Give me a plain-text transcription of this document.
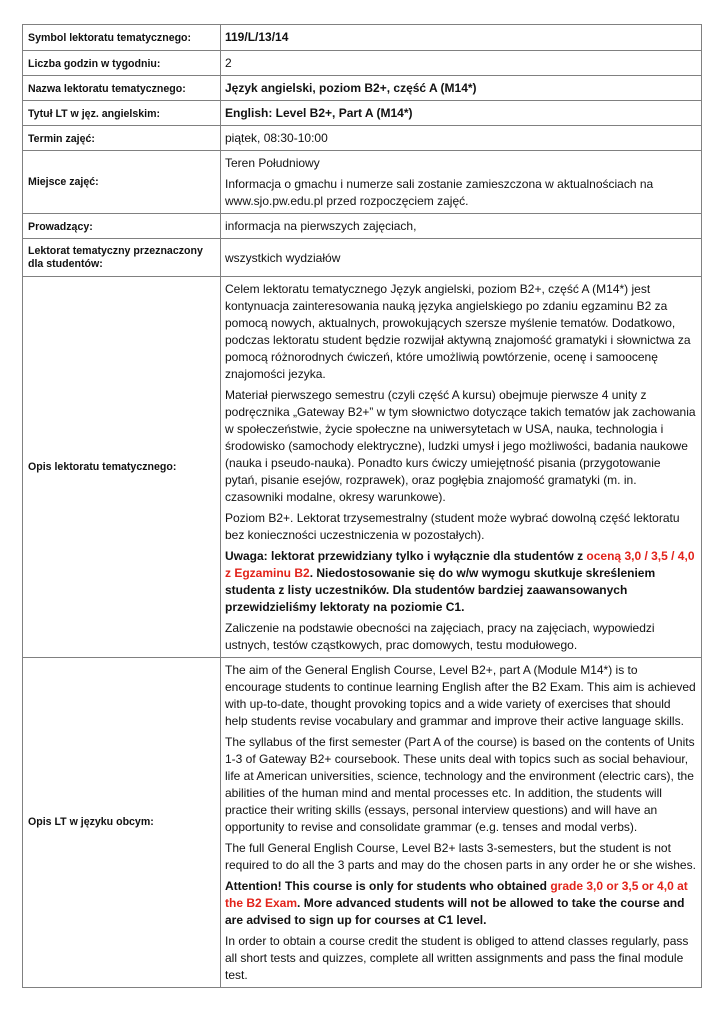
Symbol lektoratu tematycznego:	119/L/13/14
Liczba godzin w tygodniu:	2
Nazwa lektoratu tematycznego:	Język angielski, poziom B2+, część A (M14*)
Tytuł LT w jęz. angielskim:	English: Level B2+, Part A (M14*)
Termin zajęć:	piątek, 08:30-10:00
Miejsce zajęć:	Teren Południowy

Informacja o gmachu i numerze sali zostanie zamieszczona w aktualnościach na www.sjo.pw.edu.pl przed rozpoczęciem zajęć.

Prowadzący:	informacja na pierwszych zajęciach,
Lektorat tematyczny przeznaczony dla studentów:	wszystkich wydziałów
Opis lektoratu tematycznego:	Celem lektoratu tematycznego Język angielski, poziom B2+, część A (M14*) jest kontynuacja zainteresowania nauką języka angielskiego po zdaniu egzaminu B2 za pomocą nowych, aktualnych, prowokujących szersze myślenie tematów. Dodatkowo, podczas lektoratu student będzie rozwijał aktywną znajomość gramatyki i słownictwa za pomocą różnorodnych ćwiczeń, które umożliwią powtórzenie, ocenę i samoocenę znajomości jezyka.

Materiał pierwszego semestru (czyli część A kursu) obejmuje pierwsze 4 unity z podręcznika „Gateway B2+” w tym słownictwo dotyczące takich tematów jak zachowania w społeczeństwie, życie społeczne na uniwersytetach w USA, nauka, technologia i środowisko (samochody elektryczne), ludzki umysł i jego możliwości, badania naukowe (nauka i pseudo-nauka). Ponadto kurs ćwiczy umiejętność pisania (przygotowanie pytań, pisanie esejów, rozprawek), oraz pogłębia znajomość gramatyki (m. in. czasowniki modalne, okresy warunkowe).

Poziom B2+. Lektorat trzysemestralny (student może wybrać dowolną część lektoratu bez konieczności uczestniczenia w pozostałych).

Uwaga: lektorat przewidziany tylko i wyłącznie dla studentów z oceną 3,0 / 3,5 / 4,0 z Egzaminu B2. Niedostosowanie się do w/w wymogu skutkuje skreśleniem studenta z listy uczestników. Dla studentów bardziej zaawansowanych przewidzieliśmy lektoraty na poziomie C1.

Zaliczenie na podstawie obecności na zajęciach, pracy na zajęciach, wypowiedzi ustnych, testów cząstkowych, prac domowych, testu modułowego.

Opis LT w języku obcym:	The aim of the General English Course, Level B2+, part A (Module M14*) is to encourage students to continue learning English after the B2 Exam. This aim is achieved with up-to-date, thought provoking topics and a wide variety of exercises that should help students revise vocabulary and grammar and improve their active language skills.

The syllabus of the first semester (Part A of the course) is based on the contents of Units 1-3 of Gateway B2+ coursebook. These units deal with topics such as social behaviour, life at American universities, science, technology and the environment (electric cars), the abilities of the human mind and mental processes etc. In addition, the students will practice their writing skills (essays, personal interview questions) and will have an opportunity to revise and consolidate grammar (e.g. tenses and modal verbs).

The full General English Course, Level B2+ lasts 3-semesters, but the student is not required to do all the 3 parts and may do the chosen parts in any order he or she wishes.

Attention! This course is only for students who obtained grade 3,0 or 3,5 or 4,0 at the B2 Exam. More advanced students will not be allowed to take the course and are advised to sign up for courses at C1 level.

In order to obtain a course credit the student is obliged to attend classes regularly, pass all short tests and quizzes, complete all written assignments and pass the final module test.
